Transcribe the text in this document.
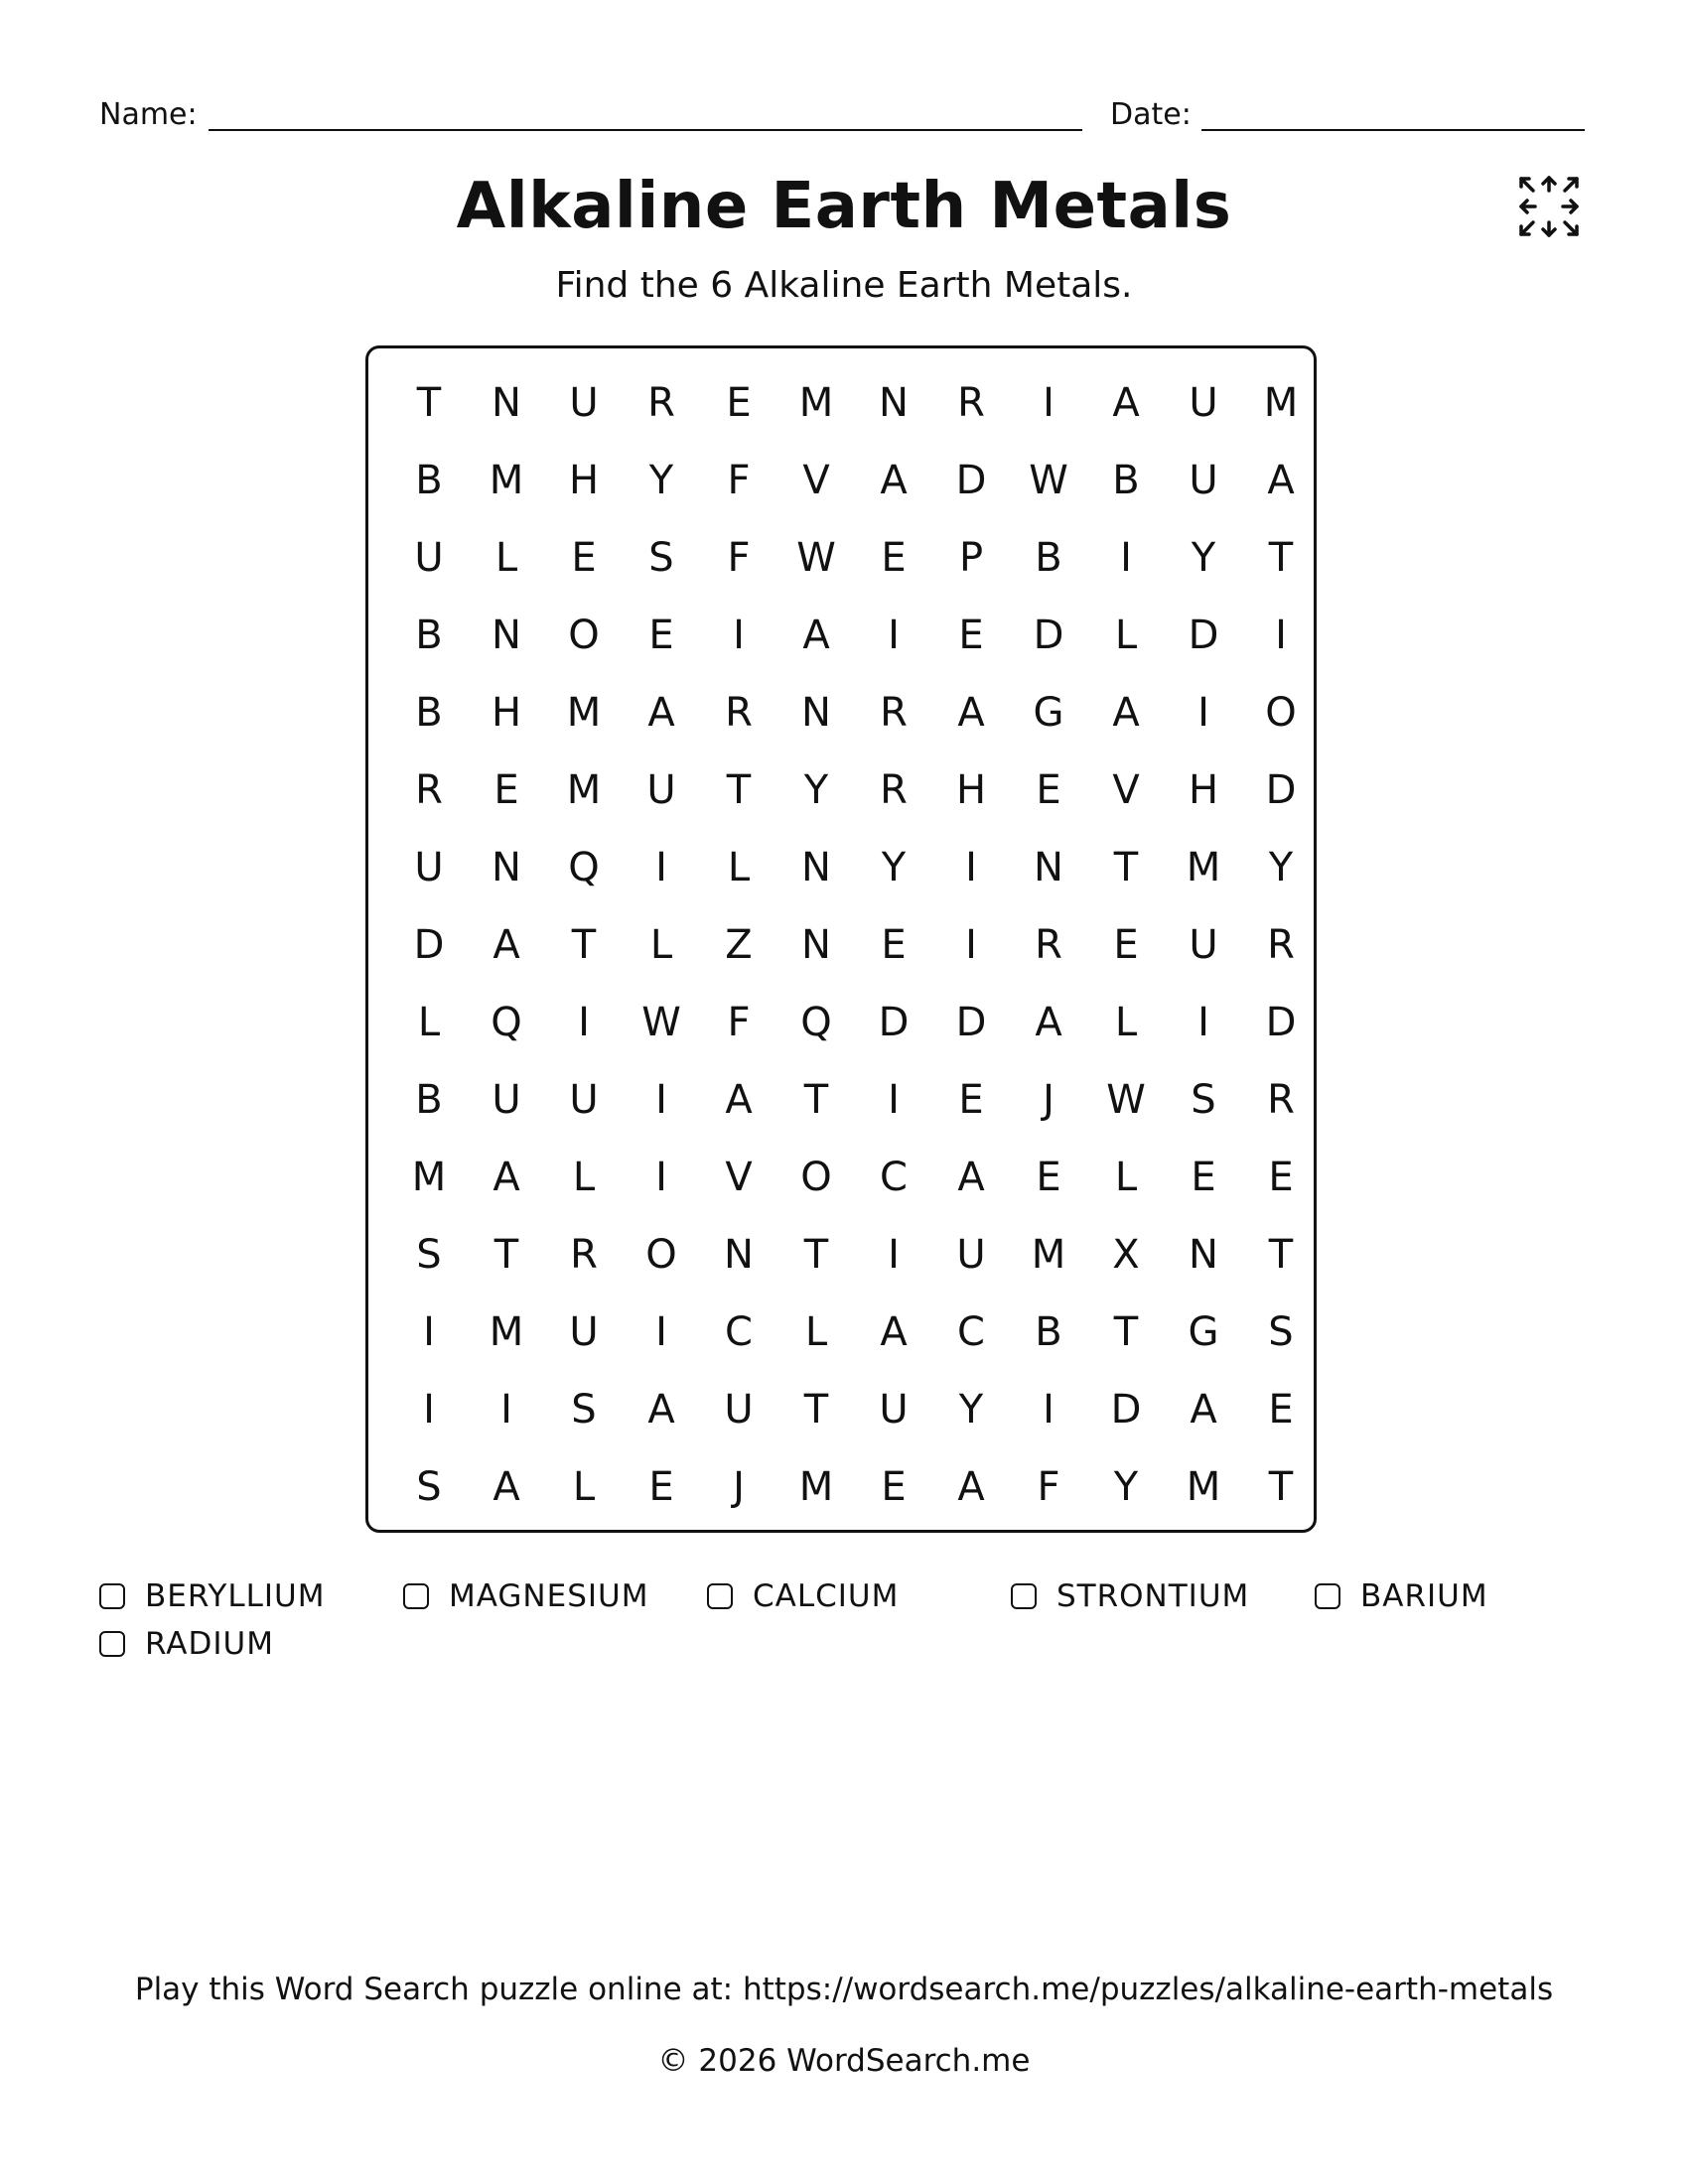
Name:	Date:
Alkaline Earth Metals
Find the 6 Alkaline Earth Metals.
T	N	U	R	E	M	N	R	I	A	U	M
B	M	H	Y	F	V	A	D	W	B	U	A
U	L	E	S	F	W	E	P	B	I	Y	T
B	N	O	E	I	A	I	E	D	L	D	I
B	H	M	A	R	N	R	A	G	A	I	O
R	E	M	U	T	Y	R	H	E	V	H	D
U	N	Q	I	L	N	Y	I	N	T	M	Y
D	A	T	L	Z	N	E	I	R	E	U	R
L	Q	I	W	F	Q	D	D	A	L	I	D
B	U	U	I	A	T	I	E	J	W	S	R
M	A	L	I	V	O	C	A	E	L	E	E
S	T	R	O	N	T	I	U	M	X	N	T
I	M	U	I	C	L	A	C	B	T	G	S
I	I	S	A	U	T	U	Y	I	D	A	E
S	A	L	E	J	M	E	A	F	Y	M	T
BERYLLIUM	MAGNESIUM	CALCIUM	STRONTIUM	BARIUM
RADIUM
Play this Word Search puzzle online at: https://wordsearch.me/puzzles/alkaline-earth-metals
© 2026 WordSearch.me
